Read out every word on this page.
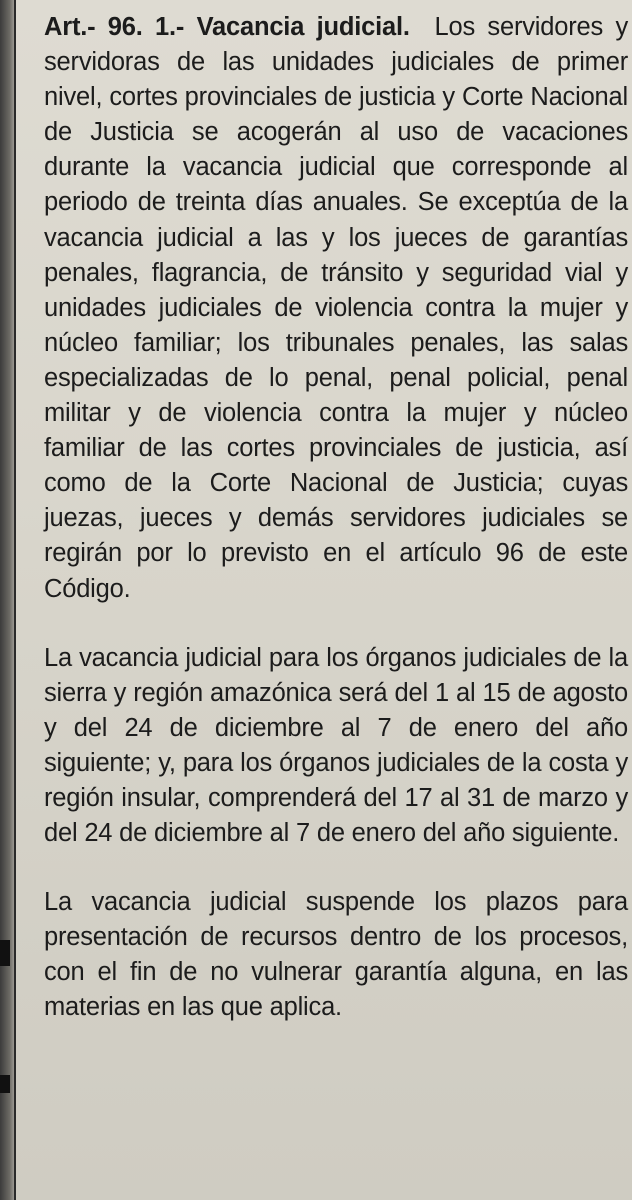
Art.- 96. 1.- Vacancia judicial.  Los servidores y servidoras de las unidades judiciales de primer nivel, cortes provinciales de justicia y Corte Nacional de Justicia se acogerán al uso de vacaciones durante la vacancia judicial que corresponde al periodo de treinta días anuales. Se exceptúa de la vacancia judicial a las y los jueces de garantías penales, flagrancia, de tránsito y seguridad vial y unidades judiciales de violencia contra la mujer y núcleo familiar; los tribunales penales, las salas especializadas de lo penal, penal policial, penal militar y de violencia contra la mujer y núcleo familiar de las cortes provinciales de justicia, así como de la Corte Nacional de Justicia; cuyas juezas, jueces y demás servidores judiciales se regirán por lo previsto en el artículo 96 de este Código.

La vacancia judicial para los órganos judiciales de la sierra y región amazónica será del 1 al 15 de agosto y del 24 de diciembre al 7 de enero del año siguiente; y, para los órganos judiciales de la costa y región insular, comprenderá del 17 al 31 de marzo y del 24 de diciembre al 7 de enero del año siguiente.

La vacancia judicial suspende los plazos para presentación de recursos dentro de los procesos, con el fin de no vulnerar garantía alguna, en las materias en las que aplica.
